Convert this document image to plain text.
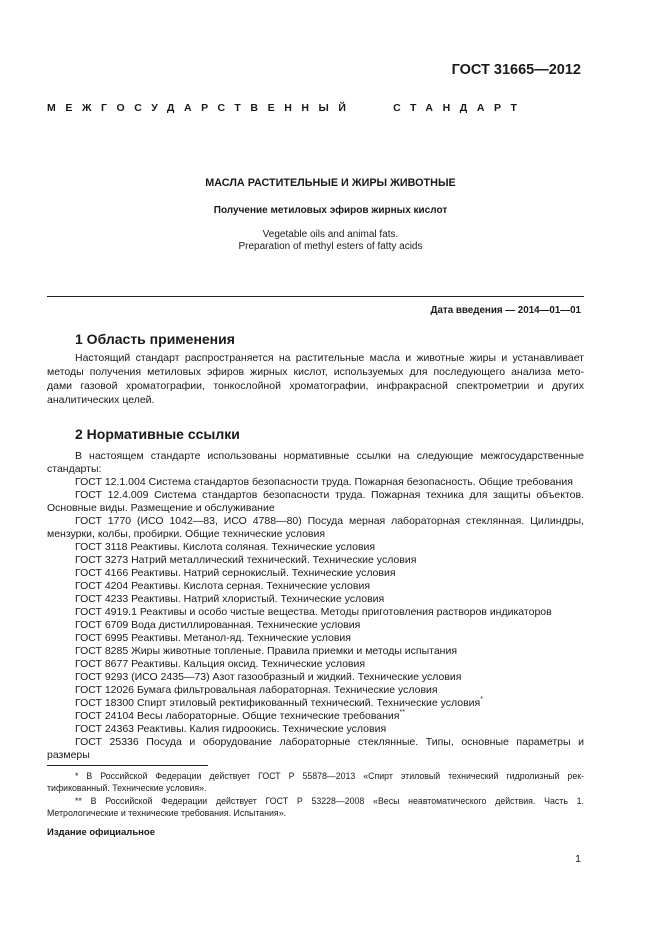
ГОСТ 31665—2012
МЕЖГОСУДАРСТВЕННЫЙ   СТАНДАРТ
МАСЛА РАСТИТЕЛЬНЫЕ И ЖИРЫ ЖИВОТНЫЕ
Получение метиловых эфиров жирных кислот
Vegetable oils and animal fats.
Preparation of methyl esters of fatty acids
Дата введения — 2014—01—01
1 Область применения
Настоящий стандарт распространяется на растительные масла и животные жиры и устанавливает
методы получения метиловых эфиров жирных кислот, используемых для последующего анализа мето-
дами газовой хроматографии, тонкослойной хроматографии, инфракрасной спектрометрии и других
аналитических целей.
2 Нормативные ссылки
В настоящем стандарте использованы нормативные ссылки на следующие межгосударственные
стандарты:
ГОСТ 12.1.004 Система стандартов безопасности труда. Пожарная безопасность. Общие требования
ГОСТ 12.4.009 Система стандартов безопасности труда. Пожарная техника для защиты объектов.
Основные виды. Размещение и обслуживание
ГОСТ 1770 (ИСО 1042—83, ИСО 4788—80) Посуда мерная лабораторная стеклянная. Цилиндры,
мензурки, колбы, пробирки. Общие технические условия
ГОСТ 3118 Реактивы. Кислота соляная. Технические условия
ГОСТ 3273 Натрий металлический технический. Технические условия
ГОСТ 4166 Реактивы. Натрий сернокислый. Технические условия
ГОСТ 4204 Реактивы. Кислота серная. Технические условия
ГОСТ 4233 Реактивы. Натрий хлористый. Технические условия
ГОСТ 4919.1 Реактивы и особо чистые вещества. Методы приготовления растворов индикаторов
ГОСТ 6709 Вода дистиллированная. Технические условия
ГОСТ 6995 Реактивы. Метанол-яд. Технические условия
ГОСТ 8285 Жиры животные топленые. Правила приемки и методы испытания
ГОСТ 8677 Реактивы. Кальция оксид. Технические условия
ГОСТ 9293 (ИСО 2435—73) Азот газообразный и жидкий. Технические условия
ГОСТ 12026 Бумага фильтровальная лабораторная. Технические условия
ГОСТ 18300 Спирт этиловый ректификованный технический. Технические условия*
ГОСТ 24104 Весы лабораторные. Общие технические требования**
ГОСТ 24363 Реактивы. Калия гидроокись. Технические условия
ГОСТ 25336 Посуда и оборудование лабораторные стеклянные. Типы, основные параметры и
размеры
* В Российской Федерации действует ГОСТ Р 55878—2013 «Спирт этиловый технический гидролизный рек-
тификованный. Технические условия».
** В Российской Федерации действует ГОСТ Р 53228—2008 «Весы неавтоматического действия. Часть 1.
Метрологические и технические требования. Испытания».
Издание официальное
1
